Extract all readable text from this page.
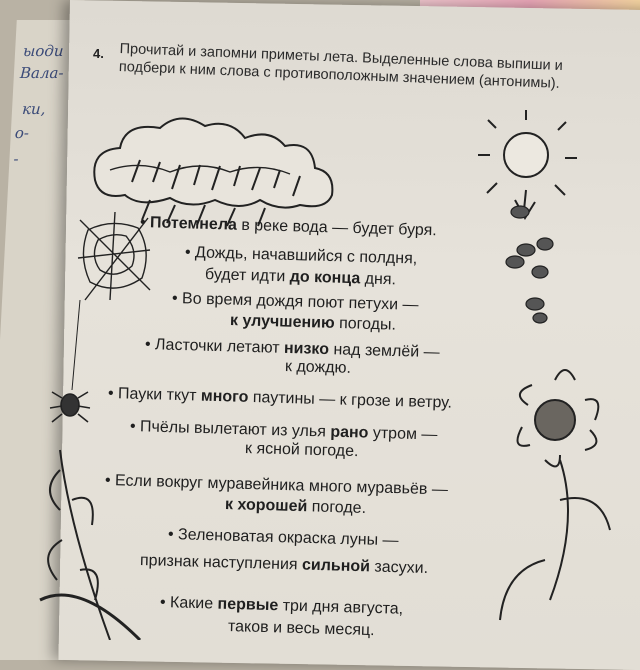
ыоди
Вала-
ки,
о-
-
4. Прочитай и запомни приметы лета. Выделенные слова выпиши и подбери к ним слова с противоположным значением (антонимы).
• Потемнела в реке вода — будет буря.
• Дождь, начавшийся с полдня,
будет идти до конца дня.
• Во время дождя поют петухи —
к улучшению погоды.
• Ласточки летают низко над землёй —
к дождю.
• Пауки ткут много паутины — к грозе и ветру.
• Пчёлы вылетают из улья рано утром —
к ясной погоде.
• Если вокруг муравейника много муравьёв —
к хорошей погоде.
• Зеленоватая окраска луны —
признак наступления сильной засухи.
• Какие первые три дня августа,
таков и весь месяц.
